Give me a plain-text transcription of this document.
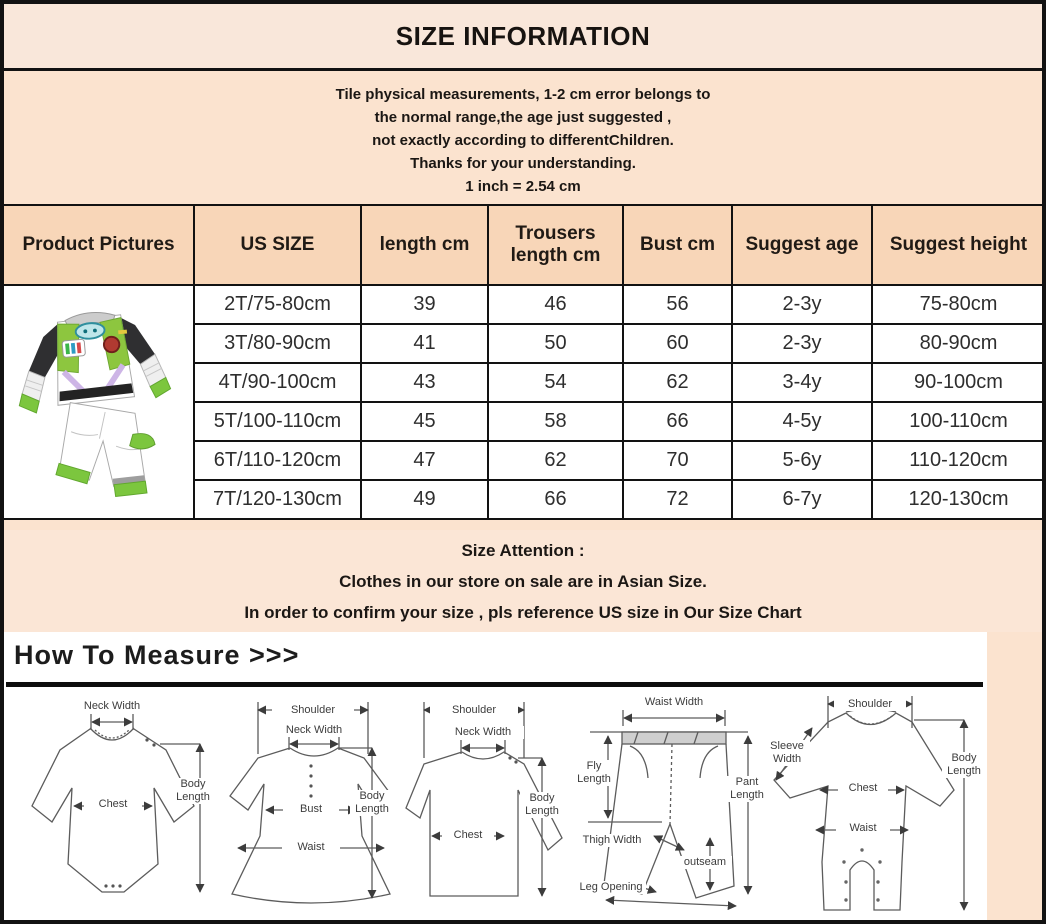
SIZE INFORMATION
Tile physical measurements, 1-2 cm error belongs to
the normal range,the age just suggested ,
not exactly according to differentChildren.
Thanks for your understanding.
1 inch = 2.54 cm
Product Pictures	US SIZE	length cm	Trousers length cm	Bust cm	Suggest age	Suggest height

	2T/75-80cm	39	46	56	2-3y	75-80cm
	3T/80-90cm	41	50	60	2-3y	80-90cm
	4T/90-100cm	43	54	62	3-4y	90-100cm
	5T/100-110cm	45	58	66	4-5y	100-110cm
	6T/110-120cm	47	62	70	5-6y	110-120cm
	7T/120-130cm	49	66	72	6-7y	120-130cm
Size Attention :
Clothes in our store on sale are in Asian Size.
In order to confirm your size , pls reference US size in Our Size Chart
How To Measure >>>
Neck Width
Chest
Body Length
Shoulder
Neck Width
Bust
Waist
Body Length
Shoulder
Neck Width
Chest
Body Length
Waist Width
Fly Length	Pant Length
Thigh Width
outseam
Leg Opening
Shoulder
Sleeve Width
Chest
Waist
Body Length
